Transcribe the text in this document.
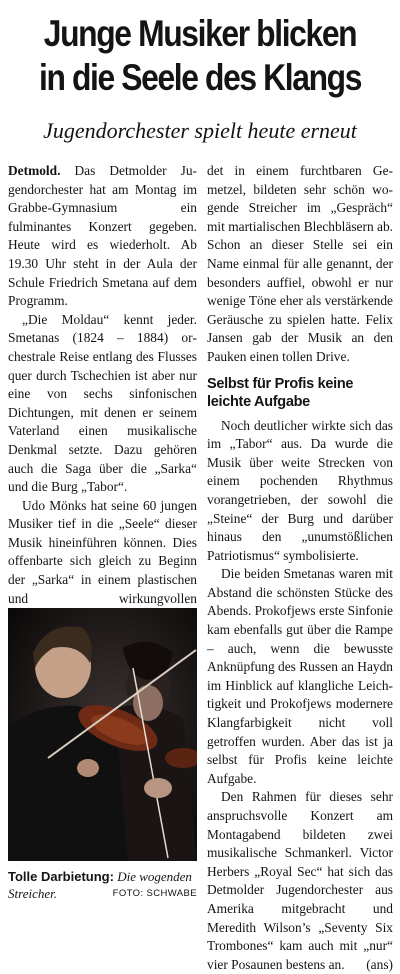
Junge Musiker blicken
in die Seele des Klangs
Jugendorchester spielt heute erneut

Detmold. Das Detmolder Jugendorchester hat am Montag im Grabbe-Gymnasium ein fulminantes Konzert gegeben. Heute wird es wiederholt. Ab 19.30 Uhr steht in der Aula der Schule Friedrich Smetana auf dem Programm.

„Die Moldau“ kennt jeder. Smetanas (1824 – 1884) orchestrale Reise entlang des Flusses quer durch Tschechien ist aber nur eine von sechs sinfonischen Dichtungen, mit denen er seinem Vaterland einen musikalische Denkmal setzte. Dazu gehören auch die Saga über die „Sarka“ und die Burg „Tabor“.

Udo Mönks hat seine 60 jungen Musiker tief in die „Seele“ dieser Musik hineinführen können. Dies offenbarte sich gleich zu Beginn der „Sarka“ in einem plastischen und wirkungvollen

Tolle Darbietung: Die wogenden Streicher.	FOTO: SCHWABE

det in einem furchtbaren Gemetzel, bildeten sehr schön wogende Streicher im „Gespräch“ mit martialischen Blechbläsern ab. Schon an dieser Stelle sei ein Name einmal für alle genannt, der besonders auffiel, obwohl er nur wenige Töne eher als verstärkende Geräusche zu spielen hatte. Felix Jansen gab der Musik an den Pauken einen tollen Drive.

Selbst für Profis keine leichte Aufgabe

Noch deutlicher wirkte sich das im „Tabor“ aus. Da wurde die Musik über weite Strecken von einem pochenden Rhythmus vorangetrieben, der sowohl die „Steine“ der Burg und darüber hinaus den „unumstößlichen Patriotismus“ symbolisierte.

Die beiden Smetanas waren mit Abstand die schönsten Stücke des Abends. Prokofjews erste Sinfonie kam ebenfalls gut über die Rampe – auch, wenn die bewusste Anknüpfung des Russen an Haydn im Hinblick auf klangliche Leichtigkeit und Prokofjews modernere Klangfarbigkeit nicht voll getroffen wurden. Aber das ist ja selbst für Profis keine leichte Aufgabe.

Den Rahmen für dieses sehr anspruchsvolle Konzert am Montagabend bildeten zwei musikalische Schmankerl. Victor Herbers „Royal Sec“ hat sich das Detmolder Jugendorchester aus Amerika mitgebracht und Meredith Wilson’s „Seventy Six Trombones“ kam auch mit „nur“ vier Posaunen bestens an.	(ans)
